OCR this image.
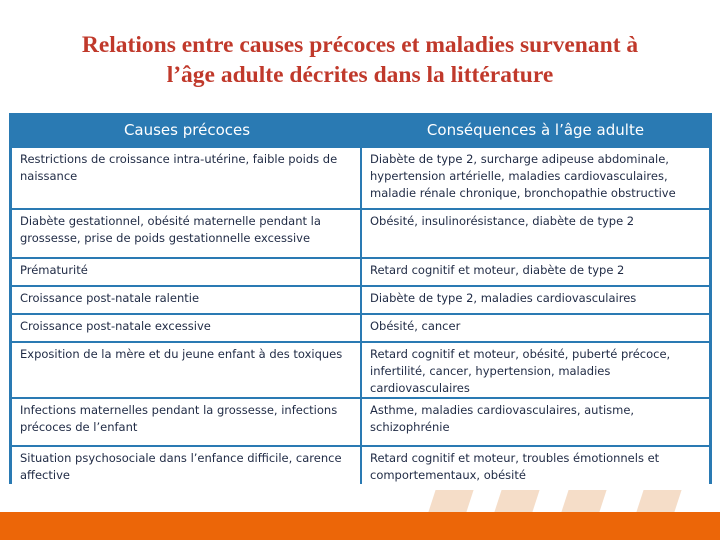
Relations entre causes précoces et maladies survenant à
l’âge adulte décrites dans la littérature
Causes précoces	Conséquences à l’âge adulte
Restrictions de croissance intra-utérine, faible poids de naissance	Diabète de type 2, surcharge adipeuse abdominale, hypertension artérielle, maladies cardiovasculaires, maladie rénale chronique, bronchopathie obstructive
Diabète gestationnel, obésité maternelle pendant la grossesse, prise de poids gestationnelle excessive	Obésité, insulinorésistance, diabète de type 2
Prématurité	Retard cognitif et moteur, diabète de type 2
Croissance post-natale ralentie	Diabète de type 2, maladies cardiovasculaires
Croissance post-natale excessive	Obésité, cancer
Exposition de la mère et du jeune enfant à des toxiques	Retard cognitif et moteur, obésité, puberté précoce, infertilité, cancer, hypertension, maladies cardiovasculaires
Infections maternelles pendant la grossesse, infections précoces de l’enfant	Asthme, maladies cardiovasculaires, autisme, schizophrénie
Situation psychosociale dans l’enfance difficile, carence affective	Retard cognitif et moteur, troubles émotionnels et comportementaux, obésité
